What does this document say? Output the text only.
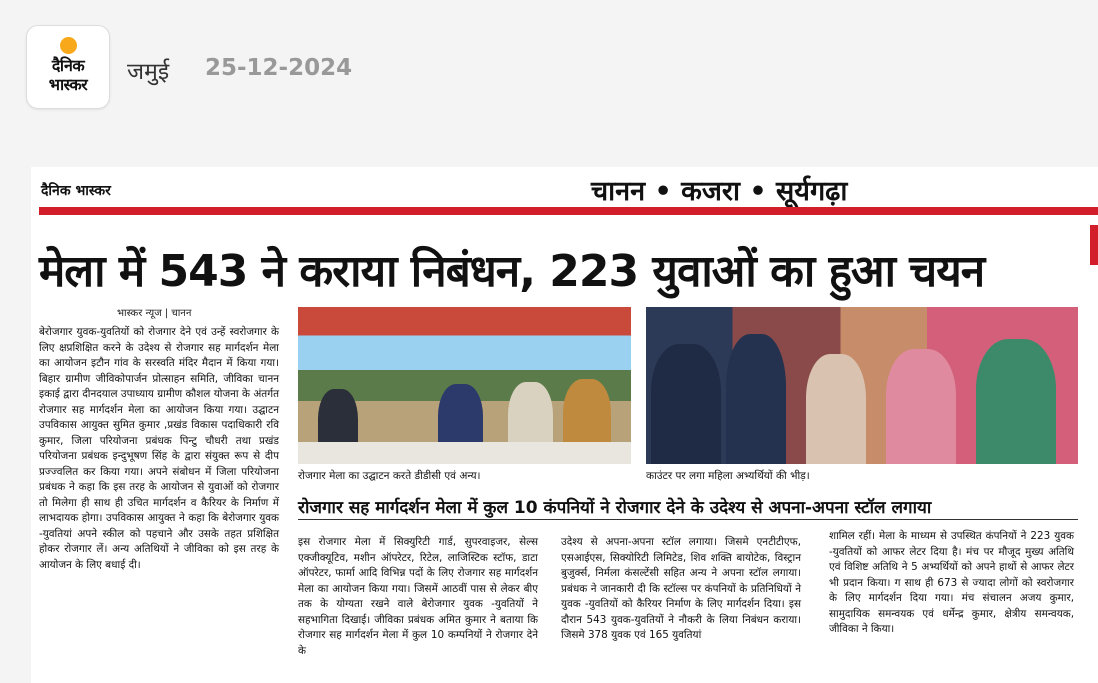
दैनिक
भास्कर	जमुई 25-12-2024
दैनिक भास्कर	चानन • कजरा • सूर्यगढ़ा
मेला में 543 ने कराया निबंधन, 223 युवाओं का हुआ चयन
भास्कर न्यूज | चानन
बेरोजगार युवक-युवतियों को रोजगार देने एवं उन्हें स्वरोजगार के लिए क्षप्रशिक्षित करने के उदेश्य से रोजगार सह मार्गदर्शन मेला का आयोजन इटौन गांव के सरस्वति मंदिर मैदान में किया गया। बिहार ग्रामीण जीविकोपार्जन प्रोत्साहन समिति, जीविका चानन इकाई द्वारा दीनदयाल उपाध्याय ग्रामीण कौशल योजना के अंतर्गत रोजगार सह मार्गदर्शन मेला का आयोजन किया गया। उद्घाटन उपविकास आयुक्त सुमित कुमार ,प्रखंड विकास पदाधिकारी रवि कुमार, जिला परियोजना प्रबंधक पिन्टु चौधरी तथा प्रखंड परियोजना प्रबंधक इन्दुभूषण सिंह के द्वारा संयुक्त रूप से दीप प्रज्ज्वलित कर किया गया। अपने संबोधन में जिला परियोजना प्रबंधक ने कहा कि इस तरह के आयोजन से युवाओं को रोजगार तो मिलेगा ही साथ ही उचित मार्गदर्शन व कैरियर के निर्माण में लाभदायक होगा। उपविकास आयुक्त ने कहा कि बेरोजगार युवक -युवतियां अपने स्कील को पहचाने और उसके तहत प्रशिक्षित होकर रोजगार लें। अन्य अतिथियों ने जीविका को इस तरह के आयोजन के लिए बधाई दी।
रोजगार मेला का उद्घाटन करते डीडीसी एवं अन्य।	काउंटर पर लगा महिला अभ्यर्थियों की भीड़।
रोजगार सह मार्गदर्शन मेला में कुल 10 कंपनियों ने रोजगार देने के उदेश्य से अपना-अपना स्टॉल लगाया
इस रोजगार मेला में सिक्युरिटी गार्ड, सुपरवाइजर, सेल्स एक्जीक्यूटिव, मशीन ऑपरेटर, रिटेल, लाजिस्टिक स्टॉफ, डाटा ऑपरेटर, फार्मा आदि विभिन्न पदों के लिए रोजगार सह मार्गदर्शन मेला का आयोजन किया गया। जिसमें आठवीं पास से लेकर बीए तक के योग्यता रखने वाले बेरोजगार युवक -युवतियों ने सहभागिता दिखाई। जीविका प्रबंधक अमित कुमार ने बताया कि रोजगार सह मार्गदर्शन मेला में कुल 10 कम्पनियों ने रोजगार देने के
उदेश्य से अपना-अपना स्टॉल लगाया। जिसमे एनटीटीएफ, एसआईएस, सिक्योरिटी लिमिटेड, शिव शक्ति बायोटेक, विस्ट्रान बुजुर्क्स, निर्मला कंसल्टेंसी सहित अन्य ने अपना स्टॉल लगाया। प्रबंधक ने जानकारी दी कि स्टॉल्स पर कंपनियों के प्रतिनिधियों ने युवक -युवतियों को कैरियर निर्माण के लिए मार्गदर्शन दिया। इस दौरान 543 युवक-युवतियों ने नौकरी के लिया निबंधन कराया। जिसमे 378 युवक एवं 165 युवतियां
शामिल रहीं। मेला के माध्यम से उपस्थित कंपनियों ने 223 युवक -युवतियों को आफर लेटर दिया है। मंच पर मौजूद मुख्य अतिथि एवं विशिष्ट अतिथि ने 5 अभ्यर्थियों को अपने हाथों से आफर लेटर भी प्रदान किया। ग साथ ही 673 से ज्यादा लोगों को स्वरोजगार के लिए मार्गदर्शन दिया गया। मंच संचालन अजय कुमार, सामुदायिक समन्वयक एवं धर्मेन्द्र कुमार, क्षेत्रीय समन्वयक, जीविका ने किया।
